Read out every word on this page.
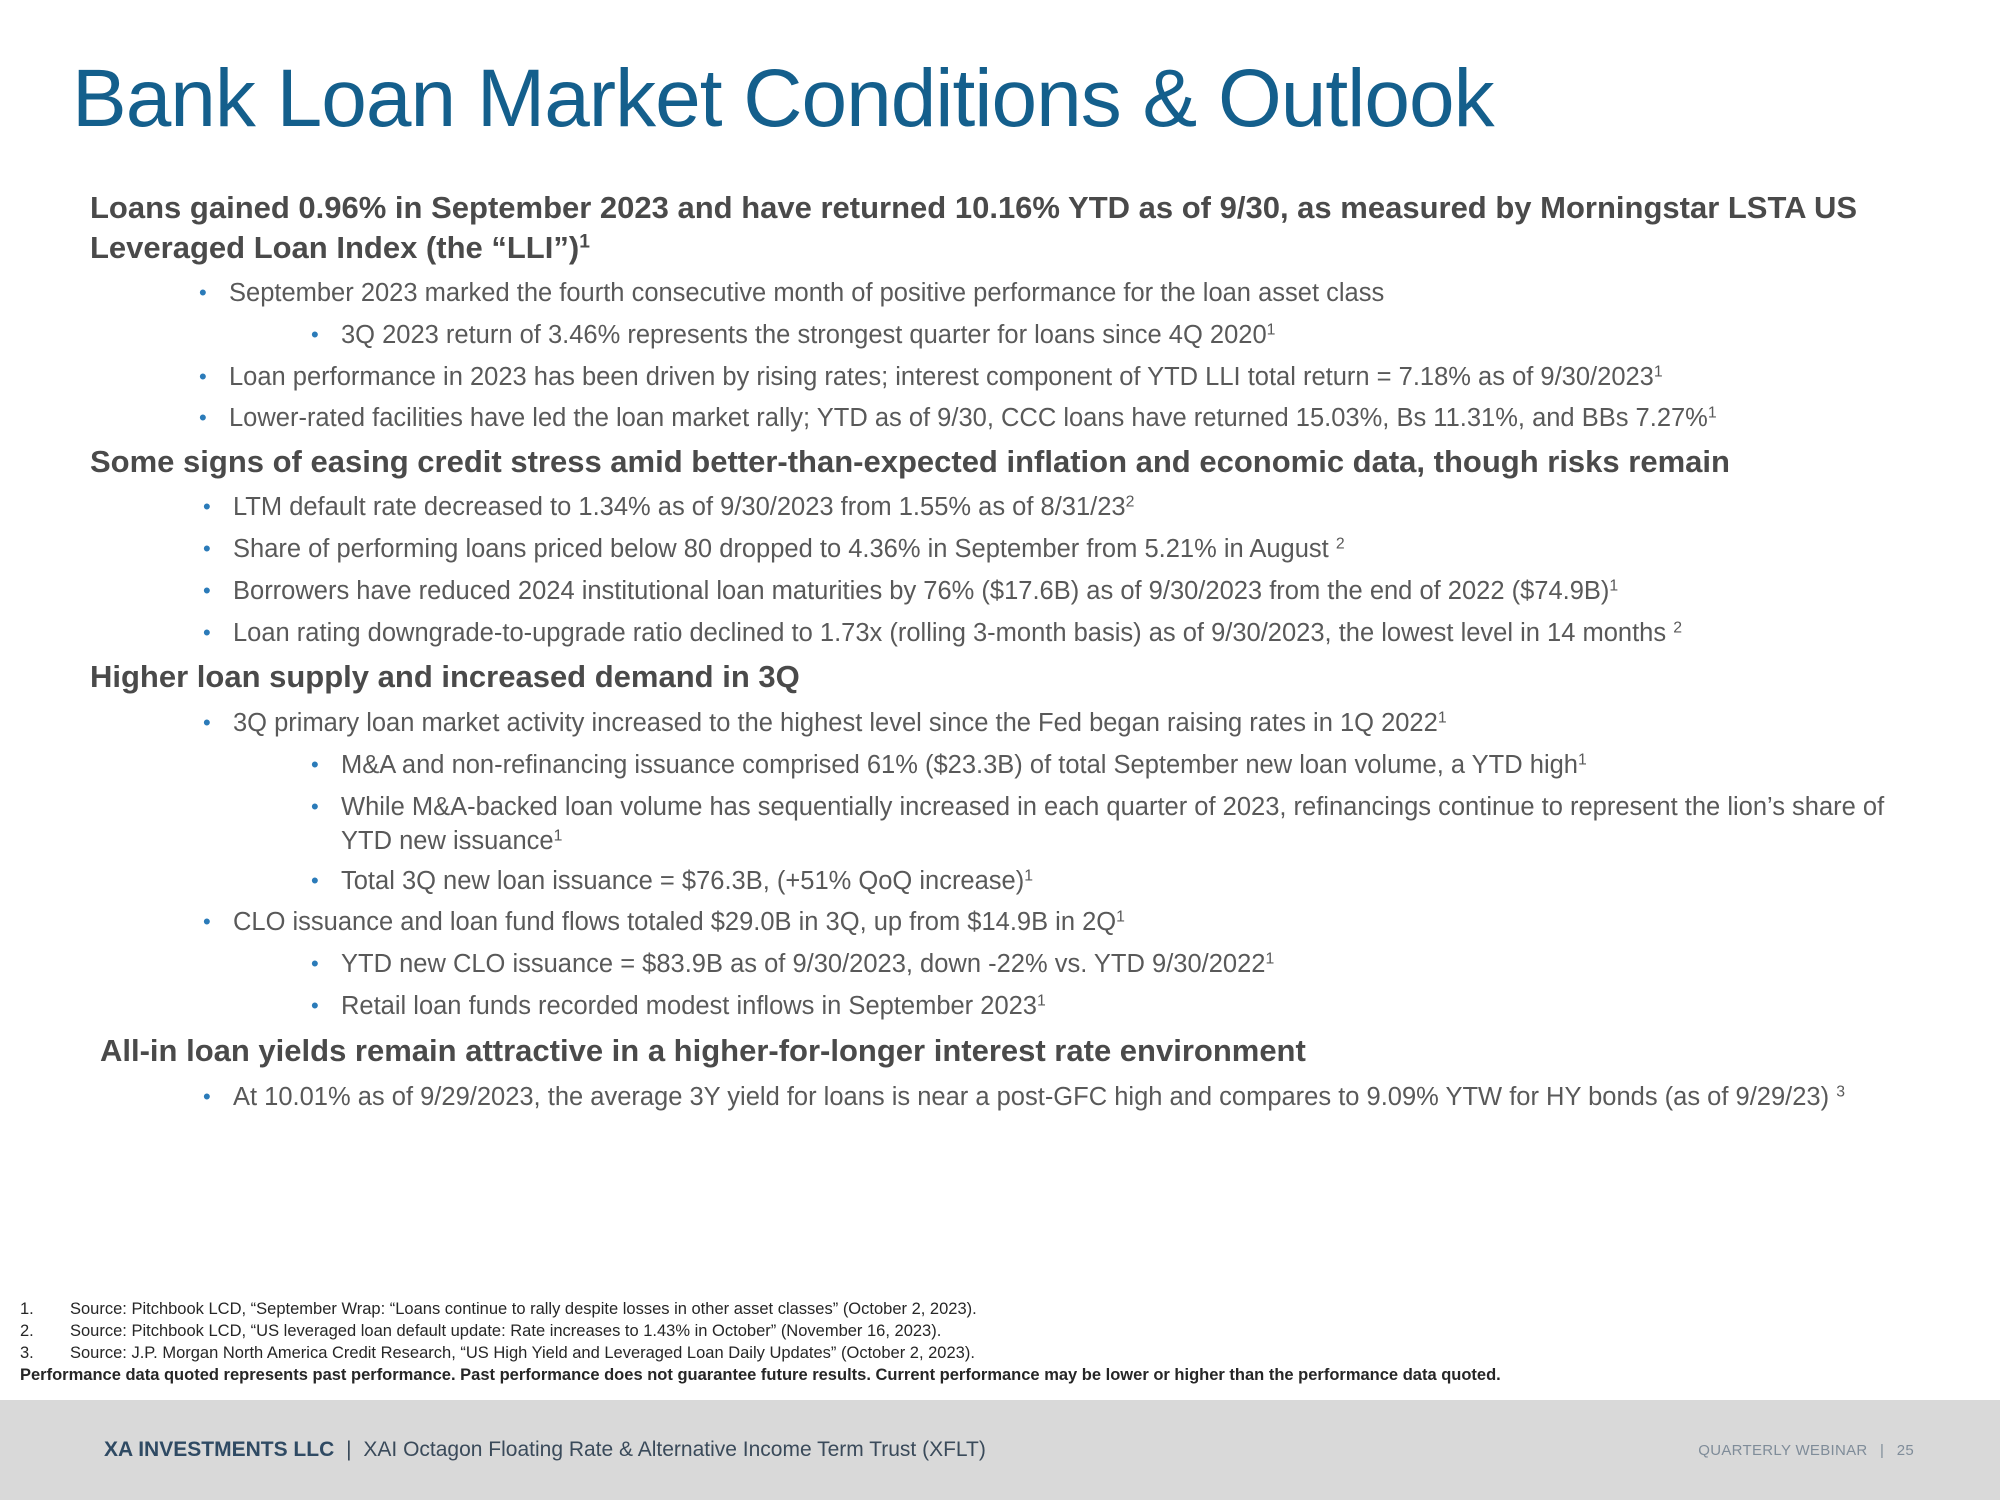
Bank Loan Market Conditions & Outlook

Loans gained 0.96% in September 2023 and have returned 10.16% YTD as of 9/30, as measured by Morningstar LSTA US Leveraged Loan Index (the “LLI”)$^1$

• September 2023 marked the fourth consecutive month of positive performance for the loan asset class
• 3Q 2023 return of 3.46% represents the strongest quarter for loans since 4Q 2020$^1$
• Loan performance in 2023 has been driven by rising rates; interest component of YTD LLI total return = 7.18% as of 9/30/2023$^1$
• Lower-rated facilities have led the loan market rally; YTD as of 9/30, CCC loans have returned 15.03%, Bs 11.31%, and BBs 7.27%$^1$

Some signs of easing credit stress amid better-than-expected inflation and economic data, though risks remain

• LTM default rate decreased to 1.34% as of 9/30/2023 from 1.55% as of $8/31/23^2$
• Share of performing loans priced below 80 dropped to 4.36% in September from 5.21% in August $^2$
• Borrowers have reduced 2024 institutional loan maturities by 76% ($17.6B) as of 9/30/2023 from the end of 2022 ($74.9B)$^1$
• Loan rating downgrade-to-upgrade ratio declined to 1.73x (rolling 3-month basis) as of 9/30/2023, the lowest level in 14 months $^2$

Higher loan supply and increased demand in 3Q

• 3Q primary loan market activity increased to the highest level since the Fed began raising rates in 1Q 2022$^1$
• M&A and non-refinancing issuance comprised 61% ($23.3B) of total September new loan volume, a YTD high$^1$
• While M&A-backed loan volume has sequentially increased in each quarter of 2023, refinancings continue to represent the lion’s share of YTD new issuance$^1$
• Total 3Q new loan issuance = $76.3B, (+51% QoQ increase)$^1$
• CLO issuance and loan fund flows totaled $29.0B in 3Q, up from $14.9B in $2Q^1$
• YTD new CLO issuance = $83.9B as of 9/30/2023, down -22% vs. YTD 9/30/2022$^1$
• Retail loan funds recorded modest inflows in September 2023$^1$

All-in loan yields remain attractive in a higher-for-longer interest rate environment

• At 10.01% as of 9/29/2023, the average 3Y yield for loans is near a post-GFC high and compares to 9.09% YTW for HY bonds (as of 9/29/23) $^3$
1. Source: Pitchbook LCD, “September Wrap: “Loans continue to rally despite losses in other asset classes” (October 2, 2023).
2. Source: Pitchbook LCD, “US leveraged loan default update: Rate increases to 1.43% in October” (November 16, 2023).
3. Source: J.P. Morgan North America Credit Research, “US High Yield and Leveraged Loan Daily Updates” (October 2, 2023).
Performance data quoted represents past performance. Past performance does not guarantee future results. Current performance may be lower or higher than the performance data quoted.
XA INVESTMENTS LLC | XAI Octagon Floating Rate & Alternative Income Term Trust (XFLT)	QUARTERLY WEBINAR | 25
